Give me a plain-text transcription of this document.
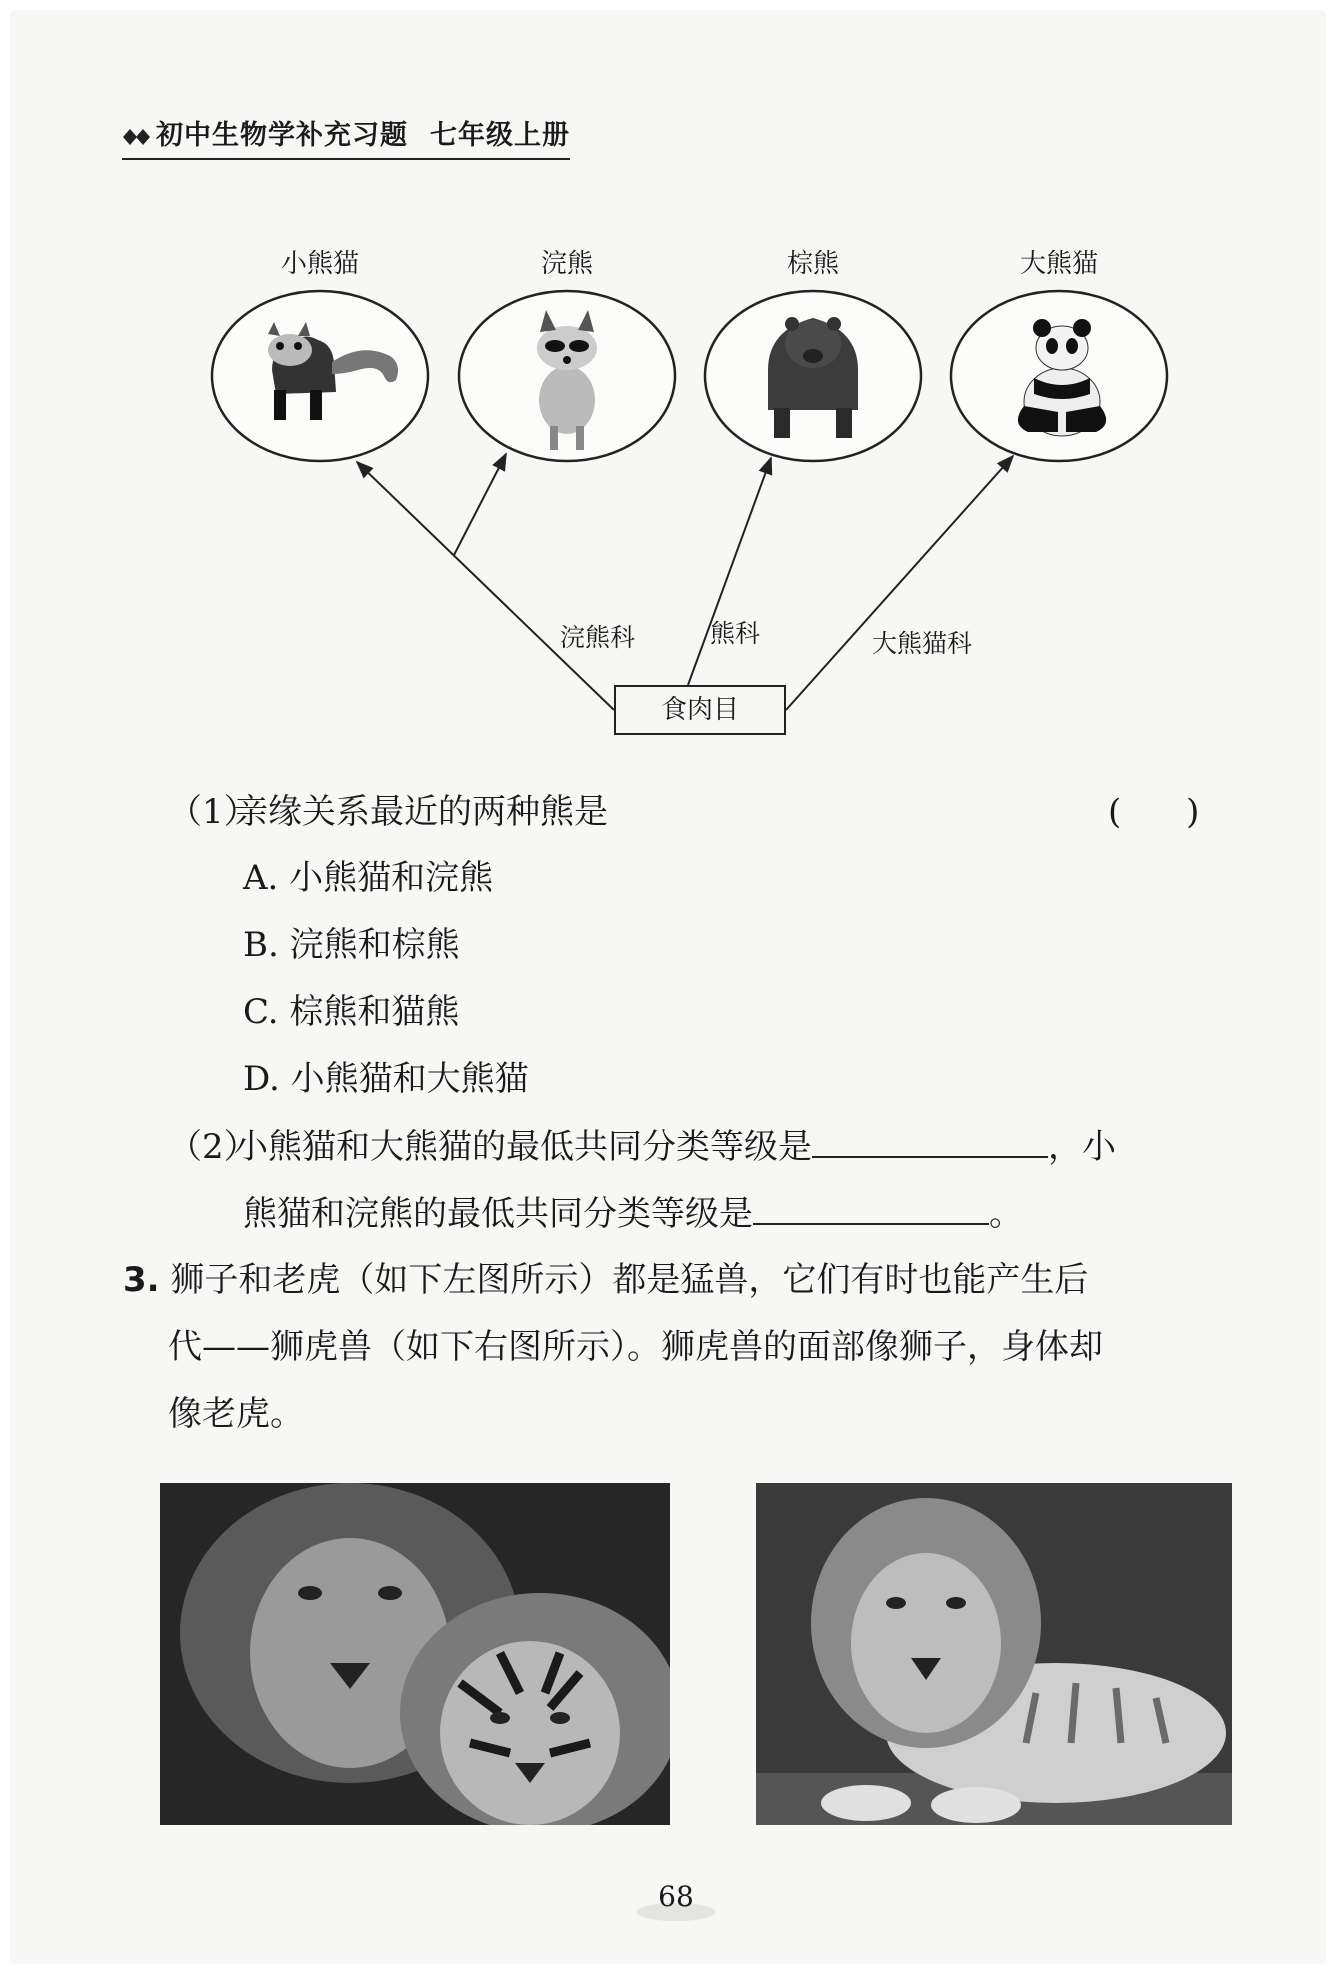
初中生物学补充习题 七年级上册
小熊猫	浣熊	棕熊	大熊猫
浣熊科	熊科	大熊猫科
食肉目
（1）亲缘关系最近的两种熊是	(      )
A. 小熊猫和浣熊
B. 浣熊和棕熊
C. 棕熊和猫熊
D. 小熊猫和大熊猫
（2）小熊猫和大熊猫的最低共同分类等级是	，小
熊猫和浣熊的最低共同分类等级是	。
3. 狮子和老虎（如下左图所示）都是猛兽，它们有时也能产生后
代——狮虎兽（如下右图所示）。狮虎兽的面部像狮子，身体却
像老虎。
68
